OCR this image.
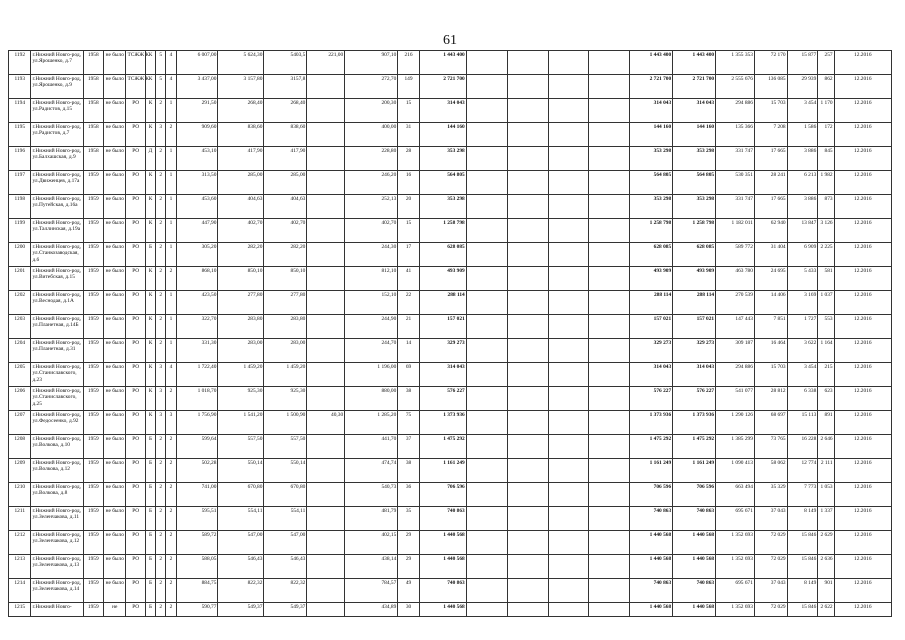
61
1192	г.Нижний Новго-род, ул.Ярошенко, д.7	1958	не было	ТСЖЖ К	К	5	4	6 007,00	5 624,30	5403,5	221,00	907,10	216	1 443 400					1 443 400	1 443 400	1 355 353	72 170	15 877	257	12.2016
1193	г.Нижний Новго-род, ул.Ярошенко, д.9	1958	не было	ТСЖЖ К	К	5	4	3 437,00	3 157,80	3157,8		272,70	149	2 721 700					2 721 700	2 721 700	2 555 676	136 085	29 939	862	12.2016
1194	г.Нижний Новго-род, ул.Радистов, д.15	1958	не было	РО	К	2	1	291,50	268,40	268,40		200,30	15	314 043					314 043	314 043	294 886	15 703	3 454	1 170	12.2016
1195	г.Нижний Новго-род, ул.Радистов, д.7	1958	не было	РО	К	3	2	909,60	838,60	838,60		400,00	31	144 160					144 160	144 160	135 366	7 208	1 586	172	12.2016
1196	г.Нижний Новго-род, ул.Балхашская, д.9	1958	не было	РО	Д	2	1	453,10	417,90	417,90		228,80	28	353 298					353 298	353 298	331 747	17 665	3 886	845	12.2016
1197	г.Нижний Новго-род, ул.Движенцев, д.17а	1959	не было	РО	К	2	1	313,50	285,00	285,00		246,20	16	564 805					564 805	564 805	530 351	28 241	6 213	1 982	12.2016
1198	г.Нижний Новго-род, ул.Путейская, д.16а	1959	не было	РО	К	2	1	453,60	404,63	404,63		252,13	20	353 298					353 298	353 298	331 747	17 665	3 886	873	12.2016
1199	г.Нижний Новго-род, ул.Таллинская, д.19а	1959	не было	РО	К	2	1	447,90	402,70	402,70		402,70	15	1 258 798					1 258 798	1 258 798	1 182 011	62 940	13 847	3 126	12.2016
1200	г.Нижний Новго-род, ул.Станкозаводская, д.6	1959	не было	РО	Б	2	1	305,20	282,20	282,20		244,30	17	628 085					628 085	628 085	589 772	31 404	6 909	2 225	12.2016
1201	г.Нижний Новго-род, ул.Витебская, д.15	1959	не было	РО	К	2	2	868,10	850,10	850,10		812,10	41	493 909					493 909	493 909	463 780	24 695	5 433	581	12.2016
1202	г.Нижний Новго-род, ул.Веснодая, д.1А	1959	не было	РО	К	2	1	423,50	277,80	277,80		152,10	22	288 114					288 114	288 114	270 539	14 406	3 169	1 037	12.2016
1203	г.Нижний Новго-род, ул.Планетная, д.14Б	1959	не было	РО	К	2	1	322,70	283,80	283,80		244,90	21	157 021					157 021	157 021	147 443	7 851	1 727	553	12.2016
1204	г.Нижний Новго-род, ул.Планетная, д.31	1959	не было	РО	К	2	1	331,30	283,00	283,00		244,70	14	329 273					329 273	329 273	309 187	16 464	3 622	1 164	12.2016
1205	г.Нижний Новго-род, ул.Станиславского, д.23	1959	не было	РО	К	3	4	1 722,40	1 459,20	1 459,20		1 196,00	69	314 043					314 043	314 043	294 886	15 703	3 454	215	12.2016
1206	г.Нижний Новго-род, ул.Станиславского, д.25	1959	не было	РО	К	3	2	1 018,70	925,30	925,30		880,00	38	576 227					576 227	576 227	541 077	28 812	6 338	623	12.2016
1207	г.Нижний Новго-род, ул.Федосеенко, д.92	1959	не было	РО	К	3	3	1 756,90	1 541,20	1 500,90	40,30	1 285,20	75	1 373 936					1 373 936	1 373 936	1 290 126	68 697	15 113	891	12.2016
1208	г.Нижний Новго-род, ул.Волкова, д.10	1959	не было	РО	Б	2	2	599,64	557,50	557,50		441,70	37	1 475 292					1 475 292	1 475 292	1 385 299	73 765	16 228	2 646	12.2016
1209	г.Нижний Новго-род, ул.Волкова, д.12	1959	не было	РО	Б	2	2	502,28	550,14	550,14		474,74	38	1 161 249					1 161 249	1 161 249	1 090 413	58 062	12 774	2 111	12.2016
1210	г.Нижний Новго-род, ул.Волкова, д.8	1959	не было	РО	Б	2	2	741,00	670,80	670,80		540,73	36	706 596					706 596	706 596	663 494	35 329	7 773	1 053	12.2016
1211	г.Нижний Новго-род, ул.Зеленчакова, д.11	1959	не было	РО	Б	2	2	595,51	554,11	554,11		481,79	35	740 863					740 863	740 863	695 671	37 043	8 149	1 337	12.2016
1212	г.Нижний Новго-род, ул.Зеленчакова, д.12	1959	не было	РО	Б	2	2	589,72	547,00	547,00		402,15	29	1 440 568					1 440 568	1 440 568	1 352 693	72 029	15 846	2 629	12.2016
1213	г.Нижний Новго-род, ул.Зеленчакова, д.13	1959	не было	РО	Б	2	2	588,05	546,43	546,43		438,14	29	1 440 568					1 440 568	1 440 568	1 352 693	72 029	15 846	2 636	12.2016
1214	г.Нижний Новго-род, ул.Зеленчакова, д.14	1959	не было	РО	Б	2	2	884,75	822,32	822,32		784,57	49	740 863					740 863	740 863	695 671	37 043	8 149	901	12.2016
1215	г.Нижний Новго-	1959	не	РО	Б	2	2	590,77	549,37	549,37		434,89	30	1 440 568					1 440 568	1 440 568	1 352 693	72 029	15 846	2 622	12.2016
